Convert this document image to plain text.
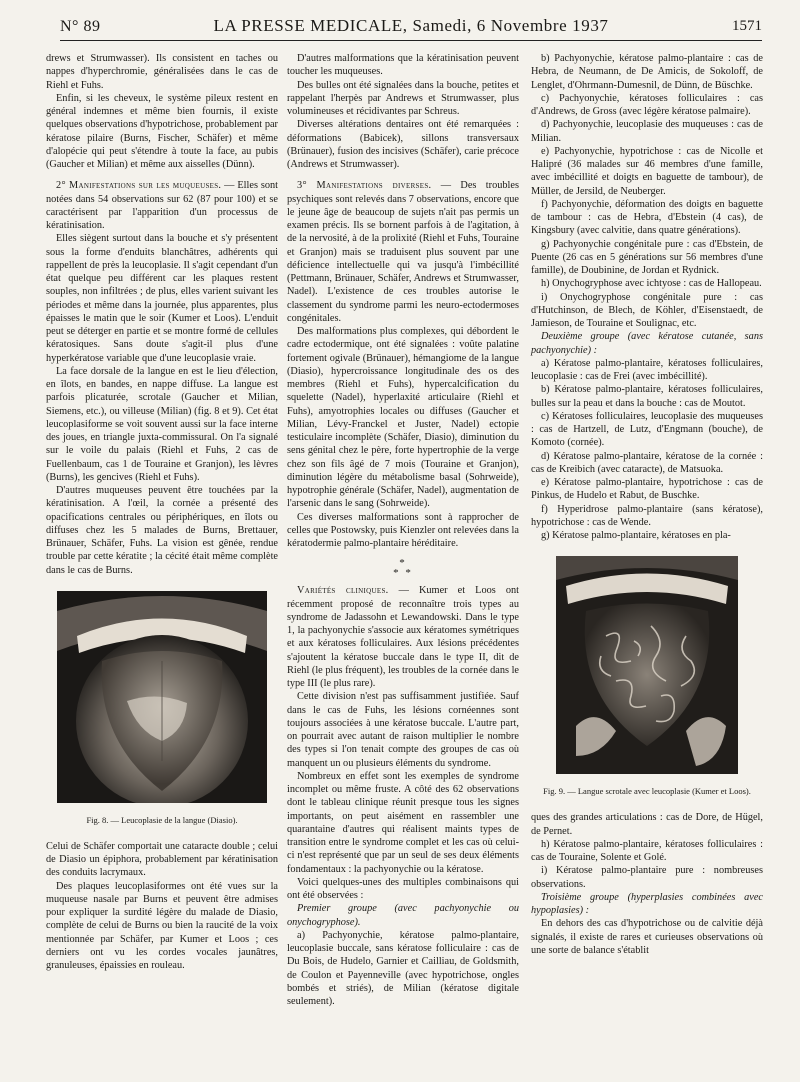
N° 89	LA PRESSE MEDICALE, Samedi, 6 Novembre 1937	1571

drews et Strumwasser). Ils consistent en taches ou nappes d'hyperchromie, généralisées dans le cas de Riehl et Fuhs.

Enfin, si les cheveux, le système pileux restent en général indemnes et même bien fournis, il existe quelques observations d'hypotrichose, probablement par kératose pilaire (Burns, Fischer, Schäfer) et même d'alopécie qui peut s'étendre à toute la face, au pubis (Gaucher et Milian) et même aux aisselles (Dünn).

2° Manifestations sur les muqueuses. — Elles sont notées dans 54 observations sur 62 (87 pour 100) et se caractérisent par l'apparition d'un processus de kératinisation.

Elles siègent surtout dans la bouche et s'y présentent sous la forme d'enduits blanchâtres, adhérents qui rappellent de près la leucoplasie. Il s'agit cependant d'un état quelque peu différent car les plaques restent souples, non infiltrées ; de plus, elles varient suivant les périodes et même dans la journée, plus apparentes, plus épaisses le matin que le soir (Kumer et Loos). L'enduit peut se déterger en partie et se montre formé de cellules kératosiques. Sans doute s'agit-il plus d'une hyperkératose variable que d'une leucoplasie vraie.

La face dorsale de la langue en est le lieu d'élection, en îlots, en bandes, en nappe diffuse. La langue est parfois plicaturée, scrotale (Gaucher et Milian, Siemens, etc.), ou villeuse (Milian) (fig. 8 et 9). Cet état leucoplasiforme se voit souvent aussi sur la face interne des joues, en triangle juxta-commissural. On l'a signalé sur le voile du palais (Riehl et Fuhs, 2 cas de Fuellenbaum, cas 1 de Touraine et Granjon), les lèvres (Burns), les gencives (Riehl et Fuhs).

D'autres muqueuses peuvent être touchées par la kératinisation. A l'œil, la cornée a présenté des opacifications centrales ou périphériques, en îlots ou diffuses chez les 5 malades de Burns, Brettauer, Brünauer, Schäfer, Fuhs. La vision est gênée, rendue trouble par cette kératite ; la cécité était même complète dans le cas de Burns.

Fig. 8. — Leucoplasie de la langue (Diasio).

Celui de Schäfer comportait une cataracte double ; celui de Diasio un épiphora, probablement par kératinisation des conduits lacrymaux.

Des plaques leucoplasiformes ont été vues sur la muqueuse nasale par Burns et peuvent être admises pour expliquer la surdité légère du malade de Diasio, complète de celui de Burns ou bien la raucité de la voix mentionnée par Schäfer, par Kumer et Loos ; ces derniers ont vu les cordes vocales jaunâtres, granuleuses, épaissies en rouleau.

D'autres malformations que la kératinisation peuvent toucher les muqueuses.

Des bulles ont été signalées dans la bouche, petites et rappelant l'herpès par Andrews et Strumwasser, plus volumineuses et récidivantes par Schreus.

Diverses altérations dentaires ont été remarquées : déformations (Babicek), sillons transversaux (Brünauer), fusion des incisives (Schäfer), carie précoce (Andrews et Strumwasser).

3° Manifestations diverses. — Des troubles psychiques sont relevés dans 7 observations, encore que le jeune âge de beaucoup de sujets n'ait pas permis un examen précis. Ils se bornent parfois à de l'agitation, à de la nervosité, à de la prolixité (Riehl et Fuhs, Touraine et Granjon) mais se traduisent plus souvent par une déficience intellectuelle qui va jusqu'à l'imbécillité (Pettmann, Brünauer, Schäfer, Andrews et Strumwasser, Nadel). L'existence de ces troubles autorise le classement du syndrome parmi les neuro-ectodermoses congénitales.

Des malformations plus complexes, qui débordent le cadre ectodermique, ont été signalées : voûte palatine fortement ogivale (Brünauer), hémangiome de la langue (Diasio), hypercroissance longitudinale des os des membres (Riehl et Fuhs), hypercalcification du squelette (Nadel), hyperlaxité articulaire (Riehl et Fuhs), amyotrophies locales ou diffuses (Gaucher et Milian, Lévy-Franckel et Juster, Nadel) ectopie testiculaire incomplète (Schäfer, Diasio), diminution du sens génital chez le père, forte hypertrophie de la verge chez son fils âgé de 7 mois (Touraine et Granjon), diminution légère du métabolisme basal (Sohrweide), hypotrophie générale (Schäfer, Nadel), augmentation de l'arsenic dans le sang (Sohrweide).

Ces diverses malformations sont à rapprocher de celles que Postowsky, puis Kienzler ont relevées dans la kératodermie palmo-plantaire héréditaire.

*
* *

Variétés cliniques. — Kumer et Loos ont récemment proposé de reconnaître trois types au syndrome de Jadassohn et Lewandowski. Dans le type 1, la pachyonychie s'associe aux kératomes symétriques et aux kératoses folliculaires. Aux lésions précédentes s'ajoutent la kératose buccale dans le type II, dit de Riehl (le plus fréquent), les troubles de la cornée dans le type III (le plus rare).

Cette division n'est pas suffisamment justifiée. Sauf dans le cas de Fuhs, les lésions cornéennes sont toujours associées à une kératose buccale. L'autre part, on pourrait avec autant de raison multiplier le nombre des types si l'on tenait compte des groupes de cas où manquent un ou plusieurs éléments du syndrome.

Nombreux en effet sont les exemples de syndrome incomplet ou même fruste. A côté des 62 observations dont le tableau clinique réunit presque tous les signes importants, on peut aisément en rassembler une quarantaine d'autres qui réalisent maints types de transition entre le syndrome complet et les cas où celui-ci n'est représenté que par un seul de ses deux éléments fondamentaux : la pachyonychie ou la kératose.

Voici quelques-unes des multiples combinaisons qui ont été observées :

Premier groupe (avec pachyonychie ou onychogryphose).

a) Pachyonychie, kératose palmo-plantaire, leucoplasie buccale, sans kératose folliculaire : cas de Du Bois, de Hudelo, Garnier et Cailliau, de Goldsmith, de Coulon et Payenneville (avec hypotrichose, ongles bombés et striés), de Milian (kératose digitale seulement).

b) Pachyonychie, kératose palmo-plantaire : cas de Hebra, de Neumann, de De Amicis, de Sokoloff, de Lenglet, d'Ohrmann-Dumesnil, de Dünn, de Büschke.

c) Pachyonychie, kératoses folliculaires : cas d'Andrews, de Gross (avec légère kératose palmaire).

d) Pachyonychie, leucoplasie des muqueuses : cas de Milian.

e) Pachyonychie, hypotrichose : cas de Nicolle et Halipré (36 malades sur 46 membres d'une famille, avec imbécillité et doigts en baguette de tambour), de Müller, de Jersild, de Neuberger.

f) Pachyonychie, déformation des doigts en baguette de tambour : cas de Hebra, d'Ebstein (4 cas), de Kingsbury (avec calvitie, dans quatre générations).

g) Pachyonychie congénitale pure : cas d'Ebstein, de Puente (26 cas en 5 générations sur 56 membres d'une famille), de Doubinine, de Jordan et Rydnick.

h) Onychogryphose avec ichtyose : cas de Hallopeau.

i) Onychogryphose congénitale pure : cas d'Hutchinson, de Blech, de Köhler, d'Eisenstaedt, de Jamieson, de Touraine et Soulignac, etc.

Deuxième groupe (avec kératose cutanée, sans pachyonychie) :

a) Kératose palmo-plantaire, kératoses folliculaires, leucoplasie : cas de Frei (avec imbécillité).

b) Kératose palmo-plantaire, kératoses folliculaires, bulles sur la peau et dans la bouche : cas de Moutot.

c) Kératoses folliculaires, leucoplasie des muqueuses : cas de Hartzell, de Lutz, d'Engmann (bouche), de Komoto (cornée).

d) Kératose palmo-plantaire, kératose de la cornée : cas de Kreibich (avec cataracte), de Matsuoka.

e) Kératose palmo-plantaire, hypotrichose : cas de Pinkus, de Hudelo et Rabut, de Buschke.

f) Hyperidrose palmo-plantaire (sans kératose), hypotrichose : cas de Wende.

g) Kératose palmo-plantaire, kératoses en pla-

Fig. 9. — Langue scrotale avec leucoplasie (Kumer et Loos).

ques des grandes articulations : cas de Dore, de Hügel, de Pernet.

h) Kératose palmo-plantaire, kératoses folliculaires : cas de Touraine, Solente et Golé.

i) Kératose palmo-plantaire pure : nombreuses observations.

Troisième groupe (hyperplasies combinées avec hypoplasies) :

En dehors des cas d'hypotrichose ou de calvitie déjà signalés, il existe de rares et curieuses observations où une sorte de balance s'établit
